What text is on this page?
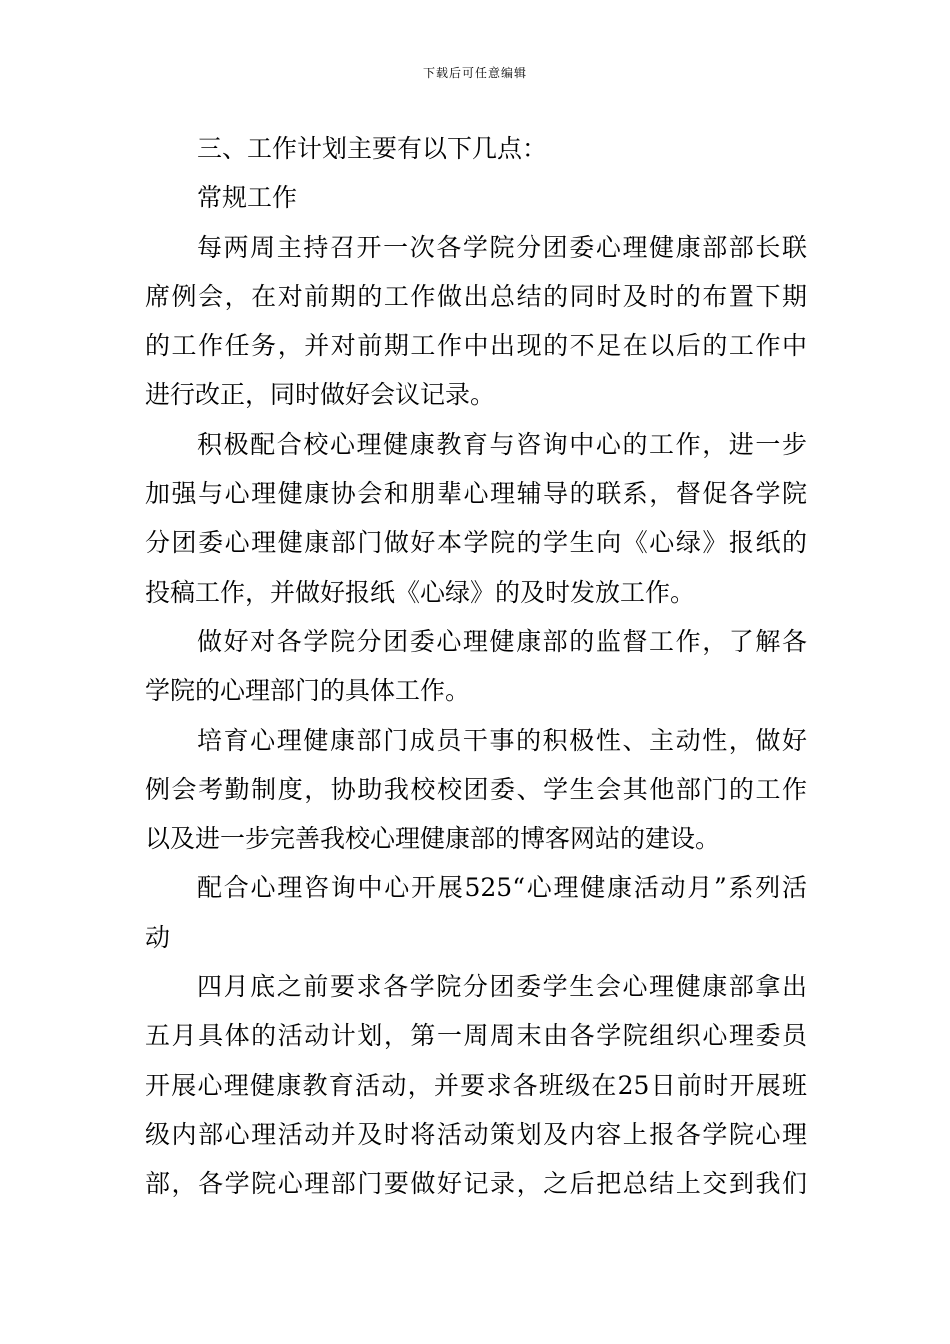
下载后可任意编辑
三、工作计划主要有以下几点：
常规工作
每两周主持召开一次各学院分团委心理健康部部长联
席例会，在对前期的工作做出总结的同时及时的布置下期
的工作任务，并对前期工作中出现的不足在以后的工作中
进行改正，同时做好会议记录。
积极配合校心理健康教育与咨询中心的工作，进一步
加强与心理健康协会和朋辈心理辅导的联系，督促各学院
分团委心理健康部门做好本学院的学生向《心绿》报纸的
投稿工作，并做好报纸《心绿》的及时发放工作。
做好对各学院分团委心理健康部的监督工作，了解各
学院的心理部门的具体工作。
培育心理健康部门成员干事的积极性、主动性，做好
例会考勤制度，协助我校校团委、学生会其他部门的工作
以及进一步完善我校心理健康部的博客网站的建设。
配合心理咨询中心开展525“心理健康活动月”系列活
动
四月底之前要求各学院分团委学生会心理健康部拿出
五月具体的活动计划，第一周周末由各学院组织心理委员
开展心理健康教育活动，并要求各班级在25日前时开展班
级内部心理活动并及时将活动策划及内容上报各学院心理
部，各学院心理部门要做好记录，之后把总结上交到我们
